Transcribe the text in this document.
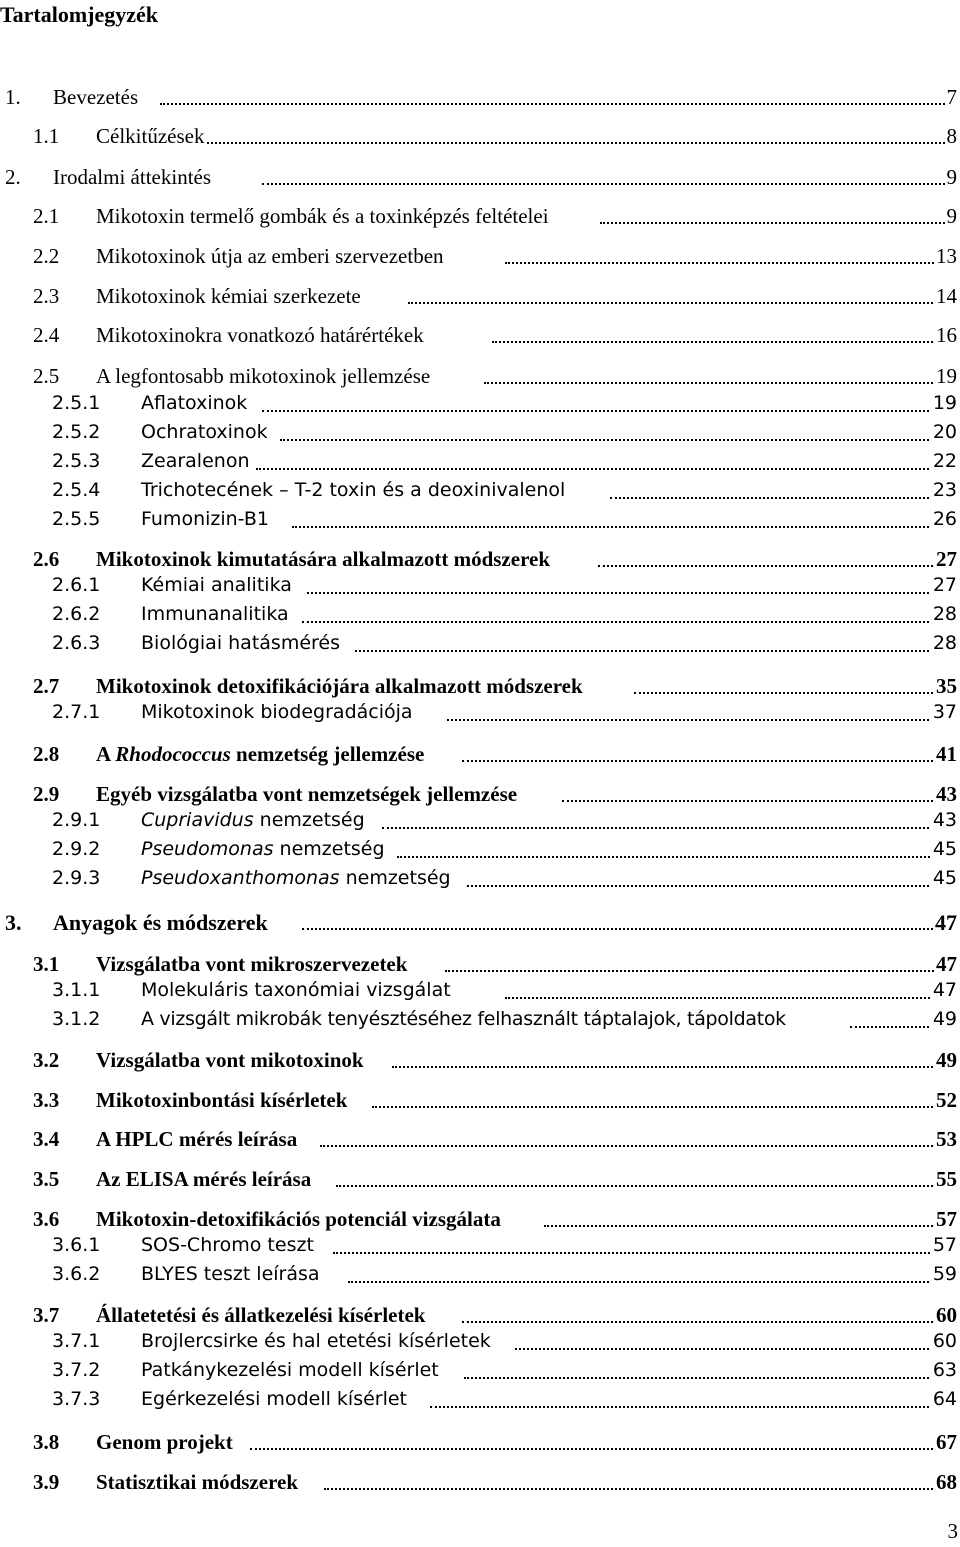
Tartalomjegyzék
1. Bevezetés	7
1.1 Célkitűzések	8
2. Irodalmi áttekintés	9
2.1 Mikotoxin termelő gombák és a toxinképzés feltételei	9
2.2 Mikotoxinok útja az emberi szervezetben	13
2.3 Mikotoxinok kémiai szerkezete	14
2.4 Mikotoxinokra vonatkozó határértékek	16
2.5 A legfontosabb mikotoxinok jellemzése	19
2.5.1 Aflatoxinok	19
2.5.2 Ochratoxinok	20
2.5.3 Zearalenon	22
2.5.4 Trichotecének – T-2 toxin és a deoxinivalenol	23
2.5.5 Fumonizin-B1	26
2.6 Mikotoxinok kimutatására alkalmazott módszerek	27
2.6.1 Kémiai analitika	27
2.6.2 Immunanalitika	28
2.6.3 Biológiai hatásmérés	28
2.7 Mikotoxinok detoxifikációjára alkalmazott módszerek	35
2.7.1 Mikotoxinok biodegradációja	37
2.8 A Rhodococcus nemzetség jellemzése	41
2.9 Egyéb vizsgálatba vont nemzetségek jellemzése	43
2.9.1 Cupriavidus nemzetség	43
2.9.2 Pseudomonas nemzetség	45
2.9.3 Pseudoxanthomonas nemzetség	45
3. Anyagok és módszerek	47
3.1 Vizsgálatba vont mikroszervezetek	47
3.1.1 Molekuláris taxonómiai vizsgálat	47
3.1.2 A vizsgált mikrobák tenyésztéséhez felhasznált táptalajok, tápoldatok	49
3.2 Vizsgálatba vont mikotoxinok	49
3.3 Mikotoxinbontási kísérletek	52
3.4 A HPLC mérés leírása	53
3.5 Az ELISA mérés leírása	55
3.6 Mikotoxin-detoxifikációs potenciál vizsgálata	57
3.6.1 SOS-Chromo teszt	57
3.6.2 BLYES teszt leírása	59
3.7 Állatetetési és állatkezelési kísérletek	60
3.7.1 Brojlercsirke és hal etetési kísérletek	60
3.7.2 Patkánykezelési modell kísérlet	63
3.7.3 Egérkezelési modell kísérlet	64
3.8 Genom projekt	67
3.9 Statisztikai módszerek	68
3
